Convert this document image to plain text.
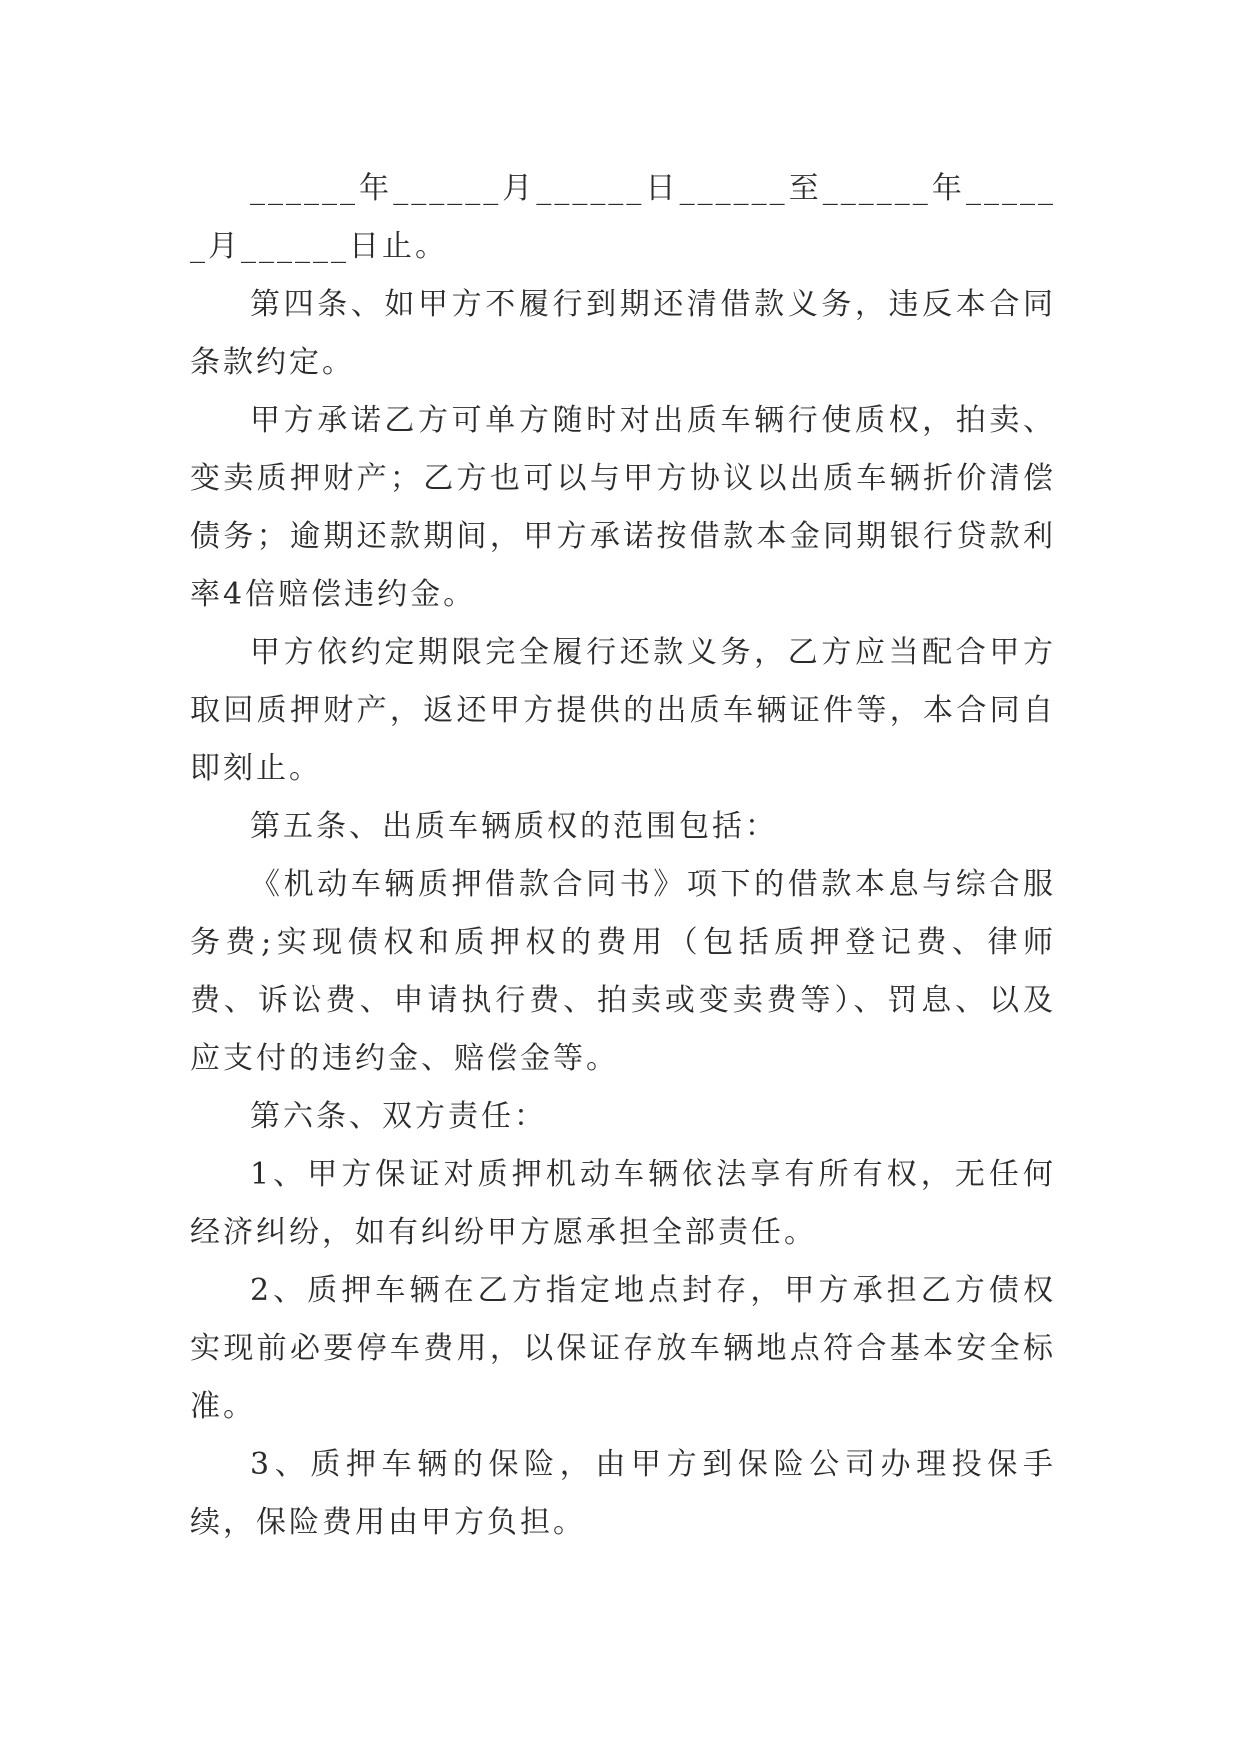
______年______月______日______至______年______月______日止。

第四条、如甲方不履行到期还清借款义务，违反本合同条款约定。

甲方承诺乙方可单方随时对出质车辆行使质权，拍卖、变卖质押财产；乙方也可以与甲方协议以出质车辆折价清偿债务；逾期还款期间，甲方承诺按借款本金同期银行贷款利率4倍赔偿违约金。

甲方依约定期限完全履行还款义务，乙方应当配合甲方取回质押财产，返还甲方提供的出质车辆证件等，本合同自即刻止。

第五条、出质车辆质权的范围包括：

《机动车辆质押借款合同书》项下的借款本息与综合服务费;实现债权和质押权的费用（包括质押登记费、律师费、诉讼费、申请执行费、拍卖或变卖费等）、罚息、以及应支付的违约金、赔偿金等。

第六条、双方责任：

1、甲方保证对质押机动车辆依法享有所有权，无任何经济纠纷，如有纠纷甲方愿承担全部责任。

2、质押车辆在乙方指定地点封存，甲方承担乙方债权实现前必要停车费用，以保证存放车辆地点符合基本安全标准。

3、质押车辆的保险，由甲方到保险公司办理投保手续，保险费用由甲方负担。
